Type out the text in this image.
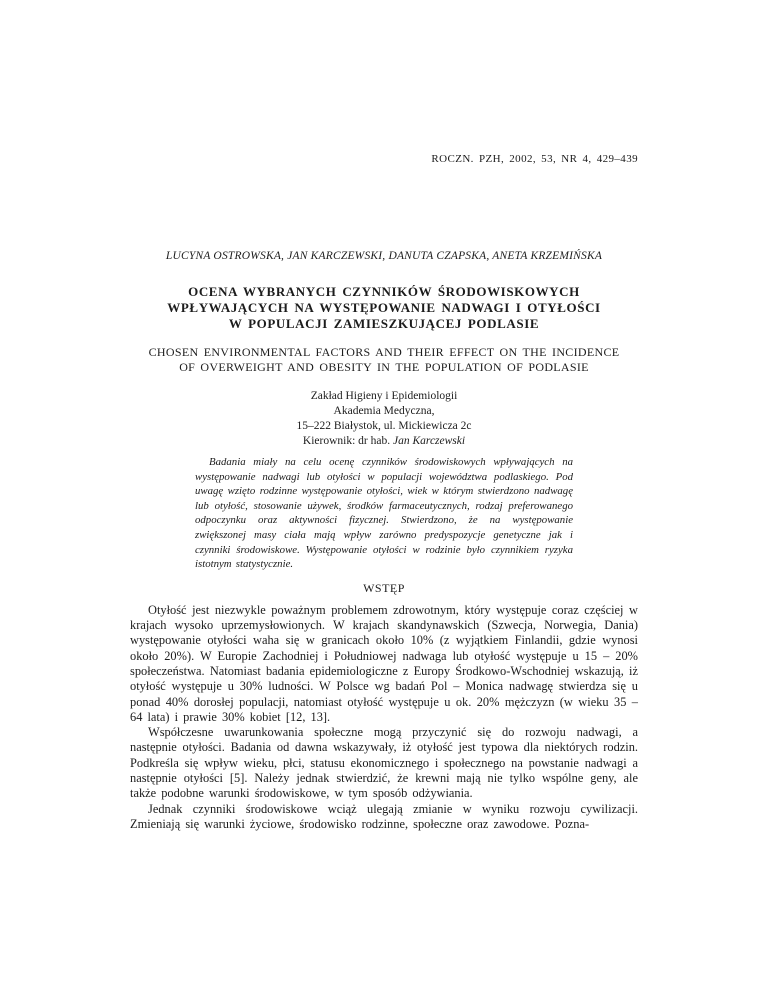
ROCZN. PZH, 2002, 53, NR 4, 429–439
LUCYNA OSTROWSKA, JAN KARCZEWSKI, DANUTA CZAPSKA, ANETA KRZEMIŃSKA
OCENA WYBRANYCH CZYNNIKÓW ŚRODOWISKOWYCH
WPŁYWAJĄCYCH NA WYSTĘPOWANIE NADWAGI I OTYŁOŚCI
W POPULACJI ZAMIESZKUJĄCEJ PODLASIE
CHOSEN ENVIRONMENTAL FACTORS AND THEIR EFFECT ON THE INCIDENCE
OF OVERWEIGHT AND OBESITY IN THE POPULATION OF PODLASIE
Zakład Higieny i Epidemiologii
Akademia Medyczna,
15–222 Białystok, ul. Mickiewicza 2c
Kierownik: dr hab. Jan Karczewski
Badania miały na celu ocenę czynników środowiskowych wpływających na występowanie nadwagi lub otyłości w populacji województwa podlaskiego. Pod uwagę wzięto rodzinne występowanie otyłości, wiek w którym stwierdzono nadwagę lub otyłość, stosowanie używek, środków farmaceutycznych, rodzaj preferowanego odpoczynku oraz aktywności fizycznej. Stwierdzono, że na występowanie zwiększonej masy ciała mają wpływ zarówno predyspozycje genetyczne jak i czynniki środowiskowe. Występowanie otyłości w rodzinie było czynnikiem ryzyka istotnym statystycznie.
WSTĘP

Otyłość jest niezwykle poważnym problemem zdrowotnym, który występuje coraz częściej w krajach wysoko uprzemysłowionych. W krajach skandynawskich (Szwecja, Norwegia, Dania) występowanie otyłości waha się w granicach około 10% (z wyjątkiem Finlandii, gdzie wynosi około 20%). W Europie Zachodniej i Południowej nadwaga lub otyłość występuje u 15 – 20% społeczeństwa. Natomiast badania epidemiologiczne z Europy Środkowo-Wschodniej wskazują, iż otyłość występuje u 30% ludności. W Polsce wg badań Pol – Monica nadwagę stwierdza się u ponad 40% dorosłej populacji, natomiast otyłość występuje u ok. 20% mężczyzn (w wieku 35 – 64 lata) i prawie 30% kobiet [12, 13].

Współczesne uwarunkowania społeczne mogą przyczynić się do rozwoju nadwagi, a następnie otyłości. Badania od dawna wskazywały, iż otyłość jest typowa dla niektórych rodzin. Podkreśla się wpływ wieku, płci, statusu ekonomicznego i społecznego na powstanie nadwagi a następnie otyłości [5]. Należy jednak stwierdzić, że krewni mają nie tylko wspólne geny, ale także podobne warunki środowiskowe, w tym sposób odżywiania.

Jednak czynniki środowiskowe wciąż ulegają zmianie w wyniku rozwoju cywilizacji. Zmieniają się warunki życiowe, środowisko rodzinne, społeczne oraz zawodowe. Pozna-
